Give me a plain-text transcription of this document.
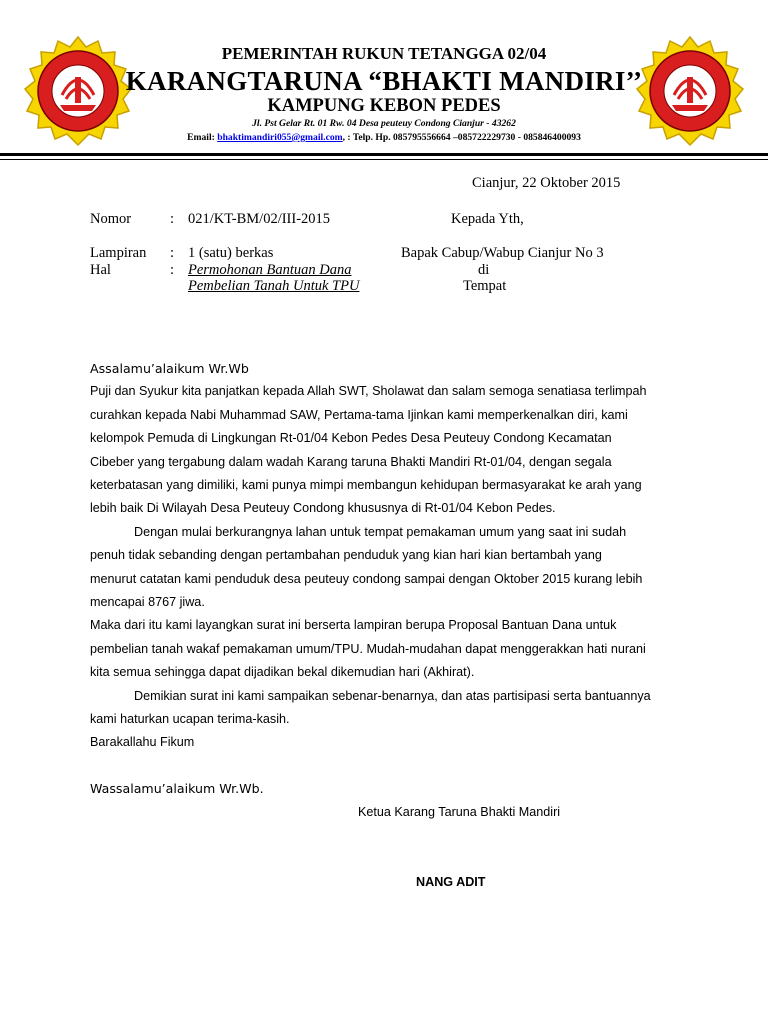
PEMERINTAH RUKUN TETANGGA 02/04
KARANGTARUNA “BHAKTI MANDIRI’’
KAMPUNG KEBON PEDES
Jl. Pst Gelar Rt. 01 Rw. 04 Desa peuteuy Condong Cianjur - 43262
Email: bhaktimandiri055@gmail.com, : Telp. Hp. 085795556664 –085722229730 - 085846400093
Cianjur, 22 Oktober 2015
Nomor	: 021/KT-BM/02/III-2015
Lampiran : 1 (satu) berkas
Hal	: Permohonan Bantuan Dana
Pembelian Tanah Untuk TPU
Kepada Yth,
Bapak Cabup/Wabup Cianjur No 3
di
Tempat
Assalamu’alaikum Wr.Wb
Puji dan Syukur kita panjatkan kepada Allah SWT, Sholawat dan salam semoga senatiasa terlimpah
curahkan kepada Nabi Muhammad SAW, Pertama-tama Ijinkan kami memperkenalkan diri, kami
kelompok Pemuda di Lingkungan Rt-01/04 Kebon Pedes Desa Peuteuy Condong Kecamatan
Cibeber yang tergabung dalam wadah Karang taruna Bhakti Mandiri Rt-01/04, dengan segala
keterbatasan yang dimiliki, kami punya mimpi membangun kehidupan bermasyarakat ke arah yang
lebih baik Di Wilayah Desa Peuteuy Condong khususnya di Rt-01/04 Kebon Pedes.
Dengan mulai berkurangnya lahan untuk tempat pemakaman umum yang saat ini sudah
penuh tidak sebanding dengan pertambahan penduduk yang kian hari kian bertambah yang
menurut catatan kami penduduk desa peuteuy condong sampai dengan Oktober 2015 kurang lebih
mencapai 8767 jiwa.
Maka dari itu kami layangkan surat ini berserta lampiran berupa Proposal Bantuan Dana untuk
pembelian tanah wakaf pemakaman umum/TPU. Mudah-mudahan dapat menggerakkan hati nurani
kita semua sehingga dapat dijadikan bekal dikemudian hari (Akhirat).
Demikian surat ini kami sampaikan sebenar-benarnya, dan atas partisipasi serta bantuannya
kami haturkan ucapan terima-kasih.
Barakallahu Fikum
Wassalamu’alaikum Wr.Wb.
Ketua Karang Taruna Bhakti Mandiri
NANG ADIT
